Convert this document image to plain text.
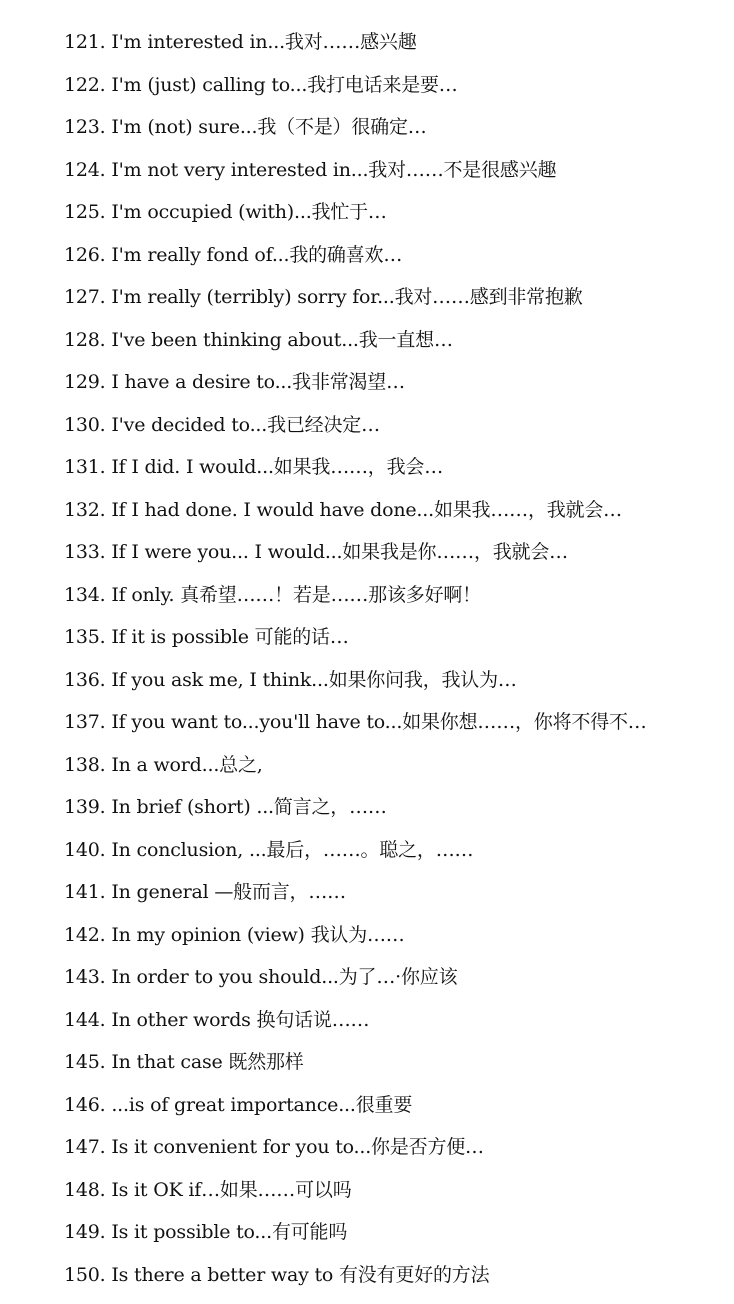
121. I'm interested in...我对……感兴趣
122. I'm (just) calling to...我打电话来是要…
123. I'm (not) sure...我（不是）很确定…
124. I'm not very interested in...我对……不是很感兴趣
125. I'm occupied (with)...我忙于…
126. I'm really fond of...我的确喜欢…
127. I'm really (terribly) sorry for...我对……感到非常抱歉
128. I've been thinking about...我一直想…
129. I have a desire to...我非常渴望…
130. I've decided to...我已经决定…
131. If I did. I would...如果我……，我会…
132. If I had done. I would have done...如果我……，我就会…
133. If I were you... I would...如果我是你……，我就会…
134. If only. 真希望……！若是……那该多好啊！
135. If it is possible 可能的话…
136. If you ask me, I think...如果你问我，我认为…
137. If you want to...you'll have to...如果你想……，你将不得不…
138. In a word...总之,
139. In brief (short) ...简言之，……
140. In conclusion, ...最后，……。聪之，……
141. In general —般而言，……
142. In my opinion (view) 我认为……
143. In order to you should...为了…·你应该
144. In other words 换句话说……
145. In that case 既然那样
146. ...is of great importance...很重要
147. Is it convenient for you to...你是否方便…
148. Is it OK if…如果……可以吗
149. Is it possible to...有可能吗
150. Is there a better way to 有没有更好的方法
